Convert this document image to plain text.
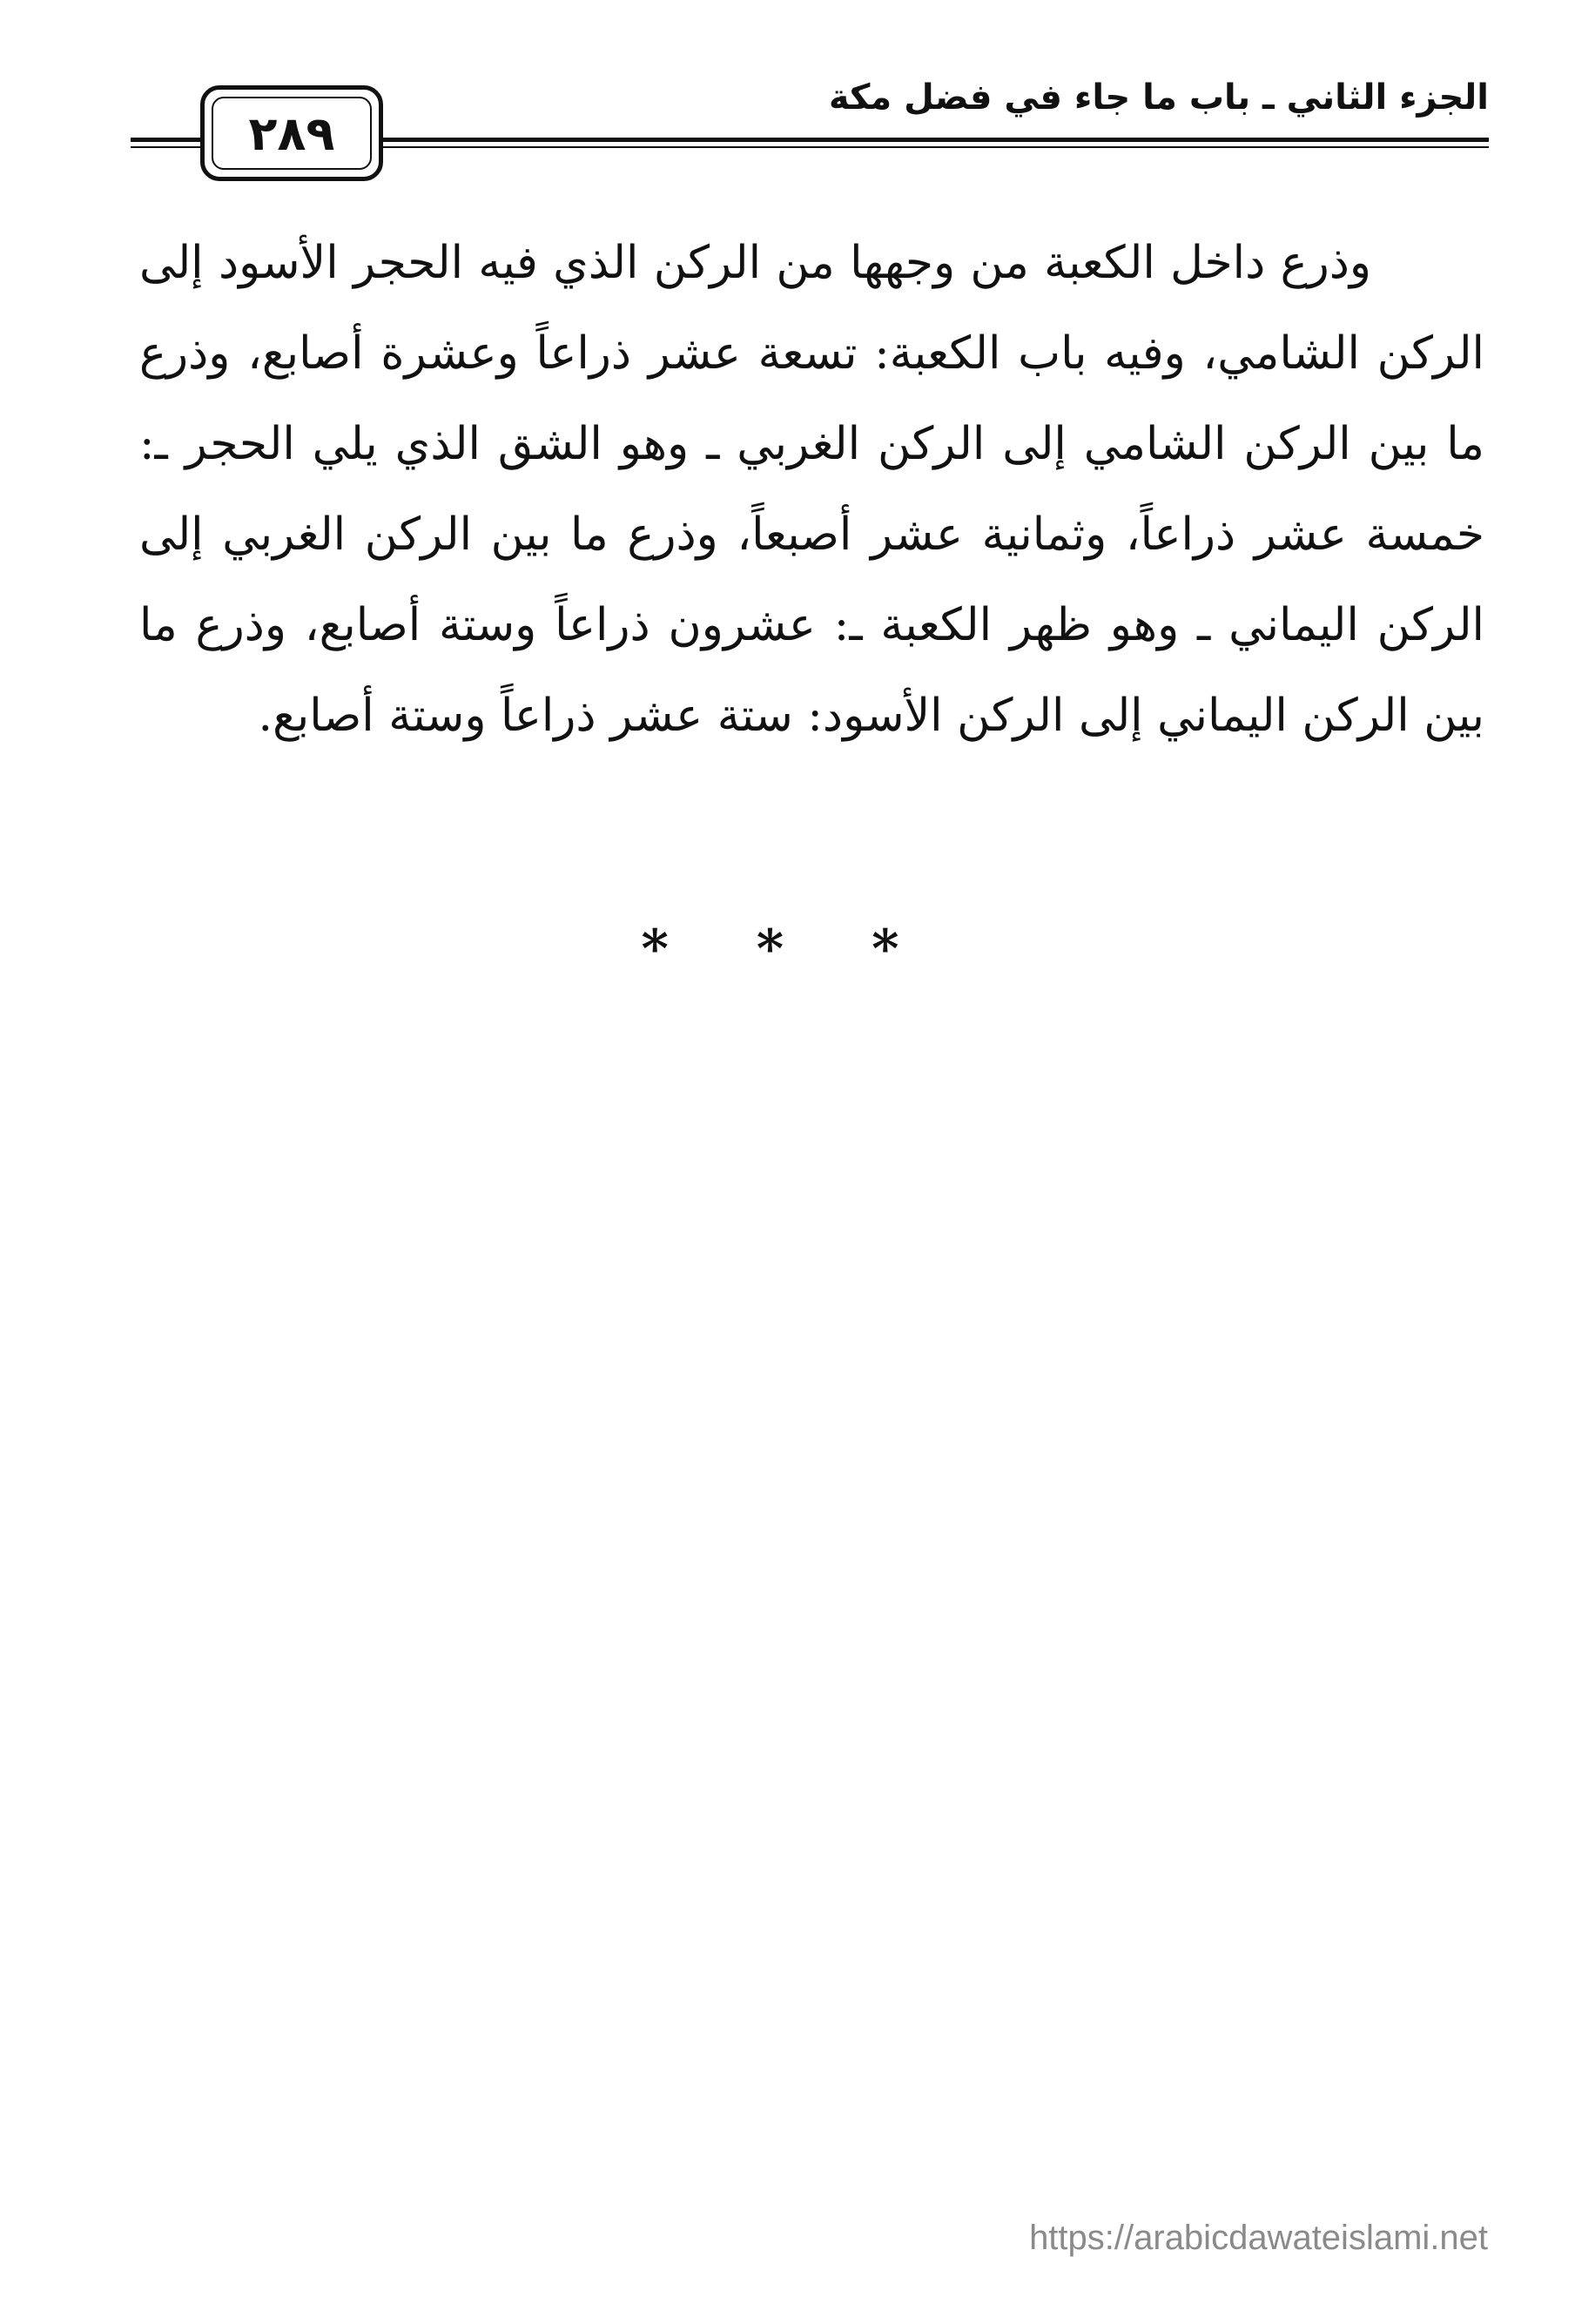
الجزء الثاني ـ باب ما جاء في فضل مكة
٢٨٩

وذرع داخل الكعبة من وجهها من الركن الذي فيه الحجر الأسود إلى الركن الشامي، وفيه باب الكعبة: تسعة عشر ذراعاً وعشرة أصابع، وذرع ما بين الركن الشامي إلى الركن الغربي ـ وهو الشق الذي يلي الحجر ـ: خمسة عشر ذراعاً، وثمانية عشر أصبعاً، وذرع ما بين الركن الغربي إلى الركن اليماني ـ وهو ظهر الكعبة ـ: عشرون ذراعاً وستة أصابع، وذرع ما بين الركن اليماني إلى الركن الأسود: ستة عشر ذراعاً وستة أصابع.

* * *
https://arabicdawateislami.net
